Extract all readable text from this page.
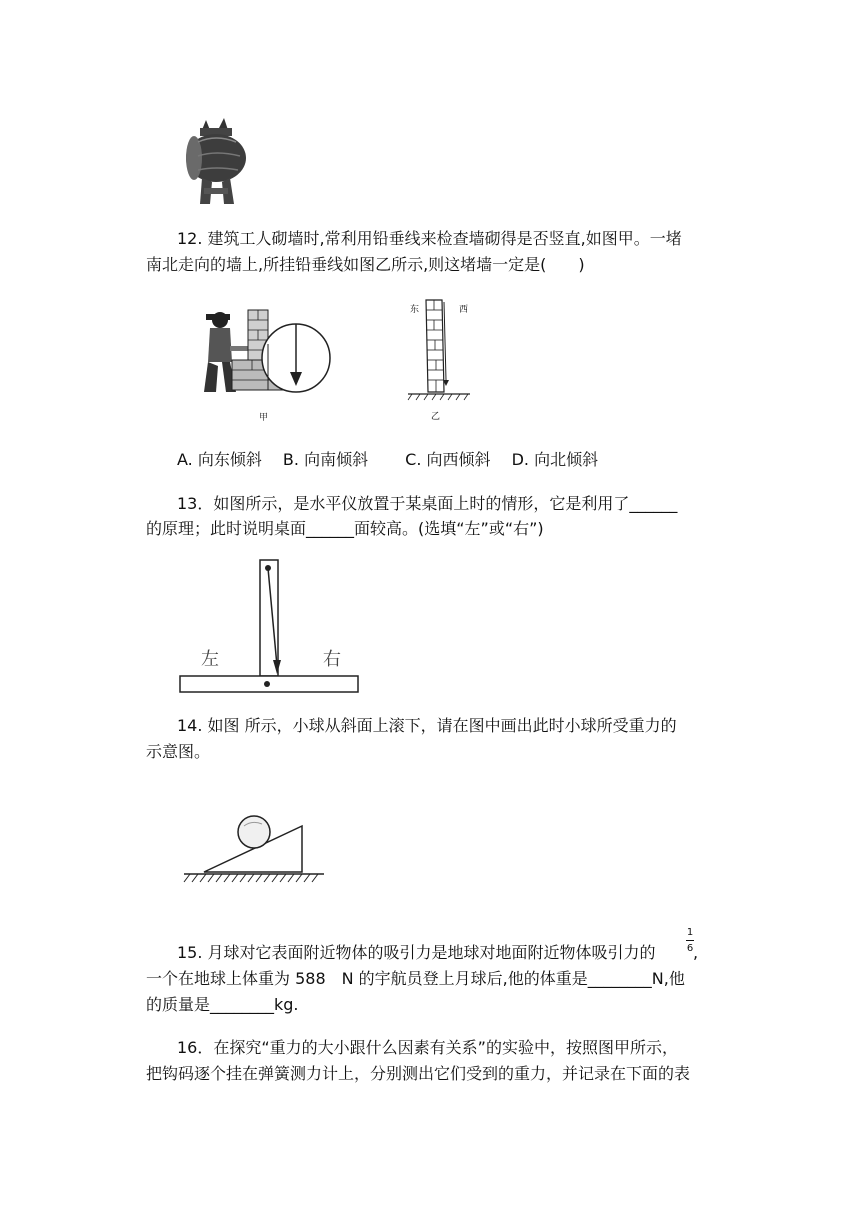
12. 建筑工人砌墙时,常利用铅垂线来检查墙砌得是否竖直,如图甲。一堵
南北走向的墙上,所挂铅垂线如图乙所示,则这堵墙一定是(　　)
甲
东	西
乙
A. 向东倾斜　 B. 向南倾斜　　 C. 向西倾斜　 D. 向北倾斜
13．如图所示，是水平仪放置于某桌面上时的情形，它是利用了______
的原理；此时说明桌面______面较高。(选填“左”或“右”)
左	右
14. 如图 所示，小球从斜面上滚下，请在图中画出此时小球所受重力的
示意图。
15. 月球对它表面附近物体的吸引力是地球对地面附近物体吸引力的
1
6 ,
一个在地球上体重为 588　N 的宇航员登上月球后,他的体重是________N,他
的质量是________kg.
16．在探究“重力的大小跟什么因素有关系”的实验中，按照图甲所示，
把钩码逐个挂在弹簧测力计上，分别测出它们受到的重力，并记录在下面的表
